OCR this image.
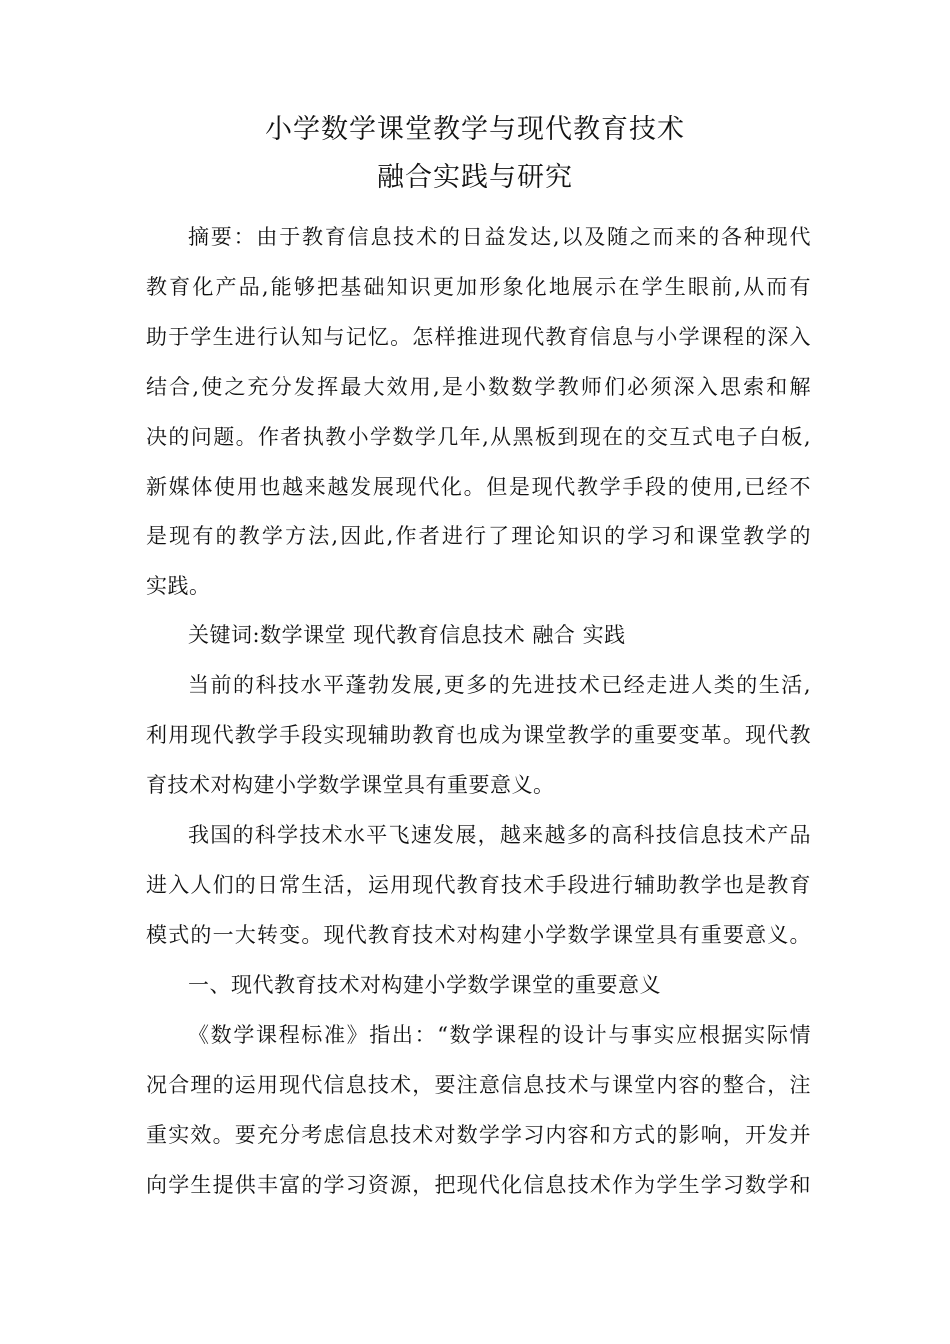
小学数学课堂教学与现代教育技术
融合实践与研究
摘要：由于教育信息技术的日益发达,以及随之而来的各种现代
教育化产品,能够把基础知识更加形象化地展示在学生眼前,从而有
助于学生进行认知与记忆。怎样推进现代教育信息与小学课程的深入
结合,使之充分发挥最大效用,是小数数学教师们必须深入思索和解
决的问题。作者执教小学数学几年,从黑板到现在的交互式电子白板,
新媒体使用也越来越发展现代化。但是现代教学手段的使用,已经不
是现有的教学方法,因此,作者进行了理论知识的学习和课堂教学的
实践。
关键词:数学课堂 现代教育信息技术 融合 实践
当前的科技水平蓬勃发展,更多的先进技术已经走进人类的生活,
利用现代教学手段实现辅助教育也成为课堂教学的重要变革。现代教
育技术对构建小学数学课堂具有重要意义。
我国的科学技术水平飞速发展，越来越多的高科技信息技术产品
进入人们的日常生活，运用现代教育技术手段进行辅助教学也是教育
模式的一大转变。现代教育技术对构建小学数学课堂具有重要意义。
一、现代教育技术对构建小学数学课堂的重要意义
《数学课程标准》指出：“数学课程的设计与事实应根据实际情
况合理的运用现代信息技术，要注意信息技术与课堂内容的整合，注
重实效。要充分考虑信息技术对数学学习内容和方式的影响，开发并
向学生提供丰富的学习资源，把现代化信息技术作为学生学习数学和
